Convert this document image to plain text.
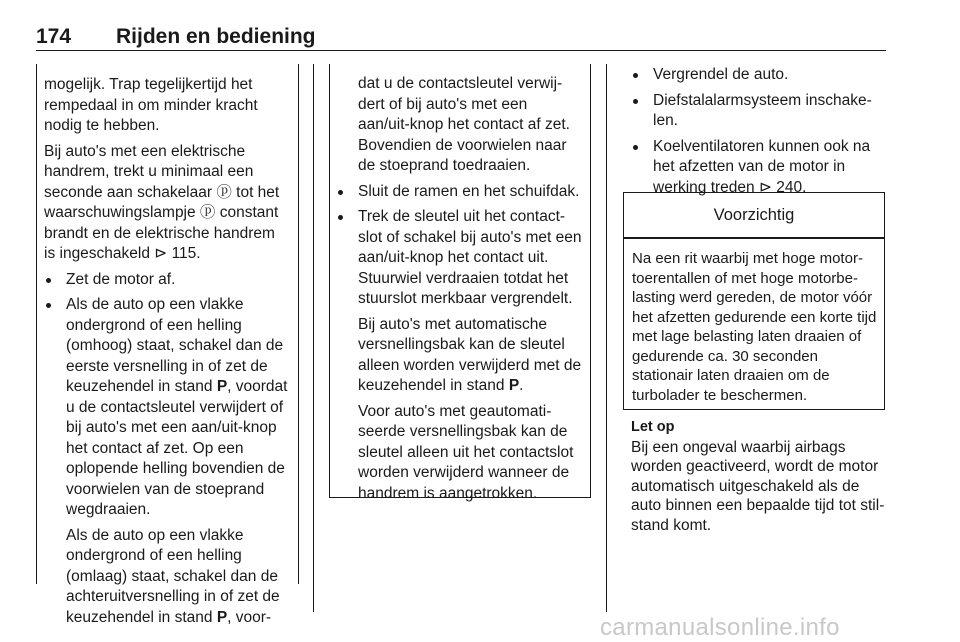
174 Rijden en bediening

mogelijk. Trap tegelijkertijd het rempedaal in om minder kracht nodig te hebben.

Bij auto's met een elektrische handrem, trekt u minimaal een seconde aan schakelaar ⓟ tot het waarschuwingslampje ⓟ constant brandt en de elektrische handrem is ingeschakeld ⊳ 115.

Zet de motor af.
Als de auto op een vlakke ondergrond of een helling (omhoog) staat, schakel dan de eerste versnelling in of zet de keuzehendel in stand P, voordat u de contactsleutel verwijdert of bij auto's met een aan/uit-knop het contact af zet. Op een oplopende helling bovendien de voorwielen van de stoeprand wegdraaien.
Als de auto op een vlakke ondergrond of een helling (omlaag) staat, schakel dan de achteruitversnelling in of zet de keuzehendel in stand P, voor-

dat u de contactsleutel verwijdert of bij auto's met een aan/uit-knop het contact af zet. Bovendien de voorwielen naar de stoeprand toedraaien.

Sluit de ramen en het schuifdak.
Trek de sleutel uit het contactslot of schakel bij auto's met een aan/uit-knop het contact uit. Stuurwiel verdraaien totdat het stuurslot merkbaar vergrendelt.
Bij auto's met automatische versnellingsbak kan de sleutel alleen worden verwijderd met de keuzehendel in stand P.
Voor auto's met geautomatiseerde versnellingsbak kan de sleutel alleen uit het contactslot worden verwijderd wanneer de handrem is aangetrokken.
Vergrendel de auto.
Diefstalalarmsysteem inschakelen.
Koelventilatoren kunnen ook na het afzetten van de motor in werking treden ⊳ 240.
Voorzichtig
Na een rit waarbij met hoge motortoerentallen of met hoge motorbelasting werd gereden, de motor vóór het afzetten gedurende een korte tijd met lage belasting laten draaien of gedurende ca. 30 seconden stationair laten draaien om de turbolader te beschermen.
Let op
Bij een ongeval waarbij airbags worden geactiveerd, wordt de motor automatisch uitgeschakeld als de auto binnen een bepaalde tijd tot stilstand komt.
carmanualsonline.info
